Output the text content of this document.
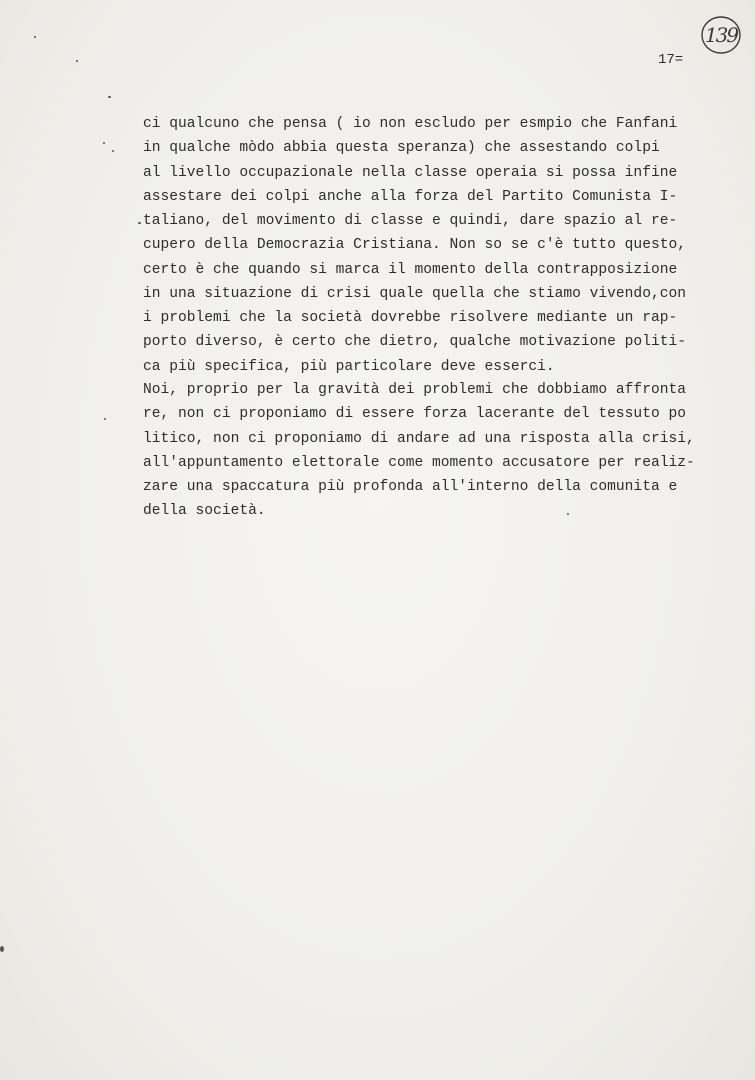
139
17=
ci qualcuno che pensa ( io non escludo per esmpio che Fanfani
in qualche mòdo abbia questa speranza) che assestando colpi
al livello occupazionale nella classe operaia si possa infine
assestare dei colpi anche alla forza del Partito Comunista I-
taliano, del movimento di classe e quindi, dare spazio al re-
cupero della Democrazia Cristiana. Non so se c'è tutto questo,
certo è che quando si marca il momento della contrapposizione
in una situazione di crisi quale quella che stiamo vivendo,con
i problemi che la società dovrebbe risolvere mediante un rap-
porto diverso, è certo che dietro, qualche motivazione politi-
ca più specifica, più particolare deve esserci.
Noi, proprio per la gravità dei problemi che dobbiamo affronta
re, non ci proponiamo di essere forza lacerante del tessuto po
litico, non ci proponiamo di andare ad una risposta alla crisi,
all'appuntamento elettorale come momento accusatore per realiz-
zare una spaccatura più profonda all'interno della comunita e
della società.
